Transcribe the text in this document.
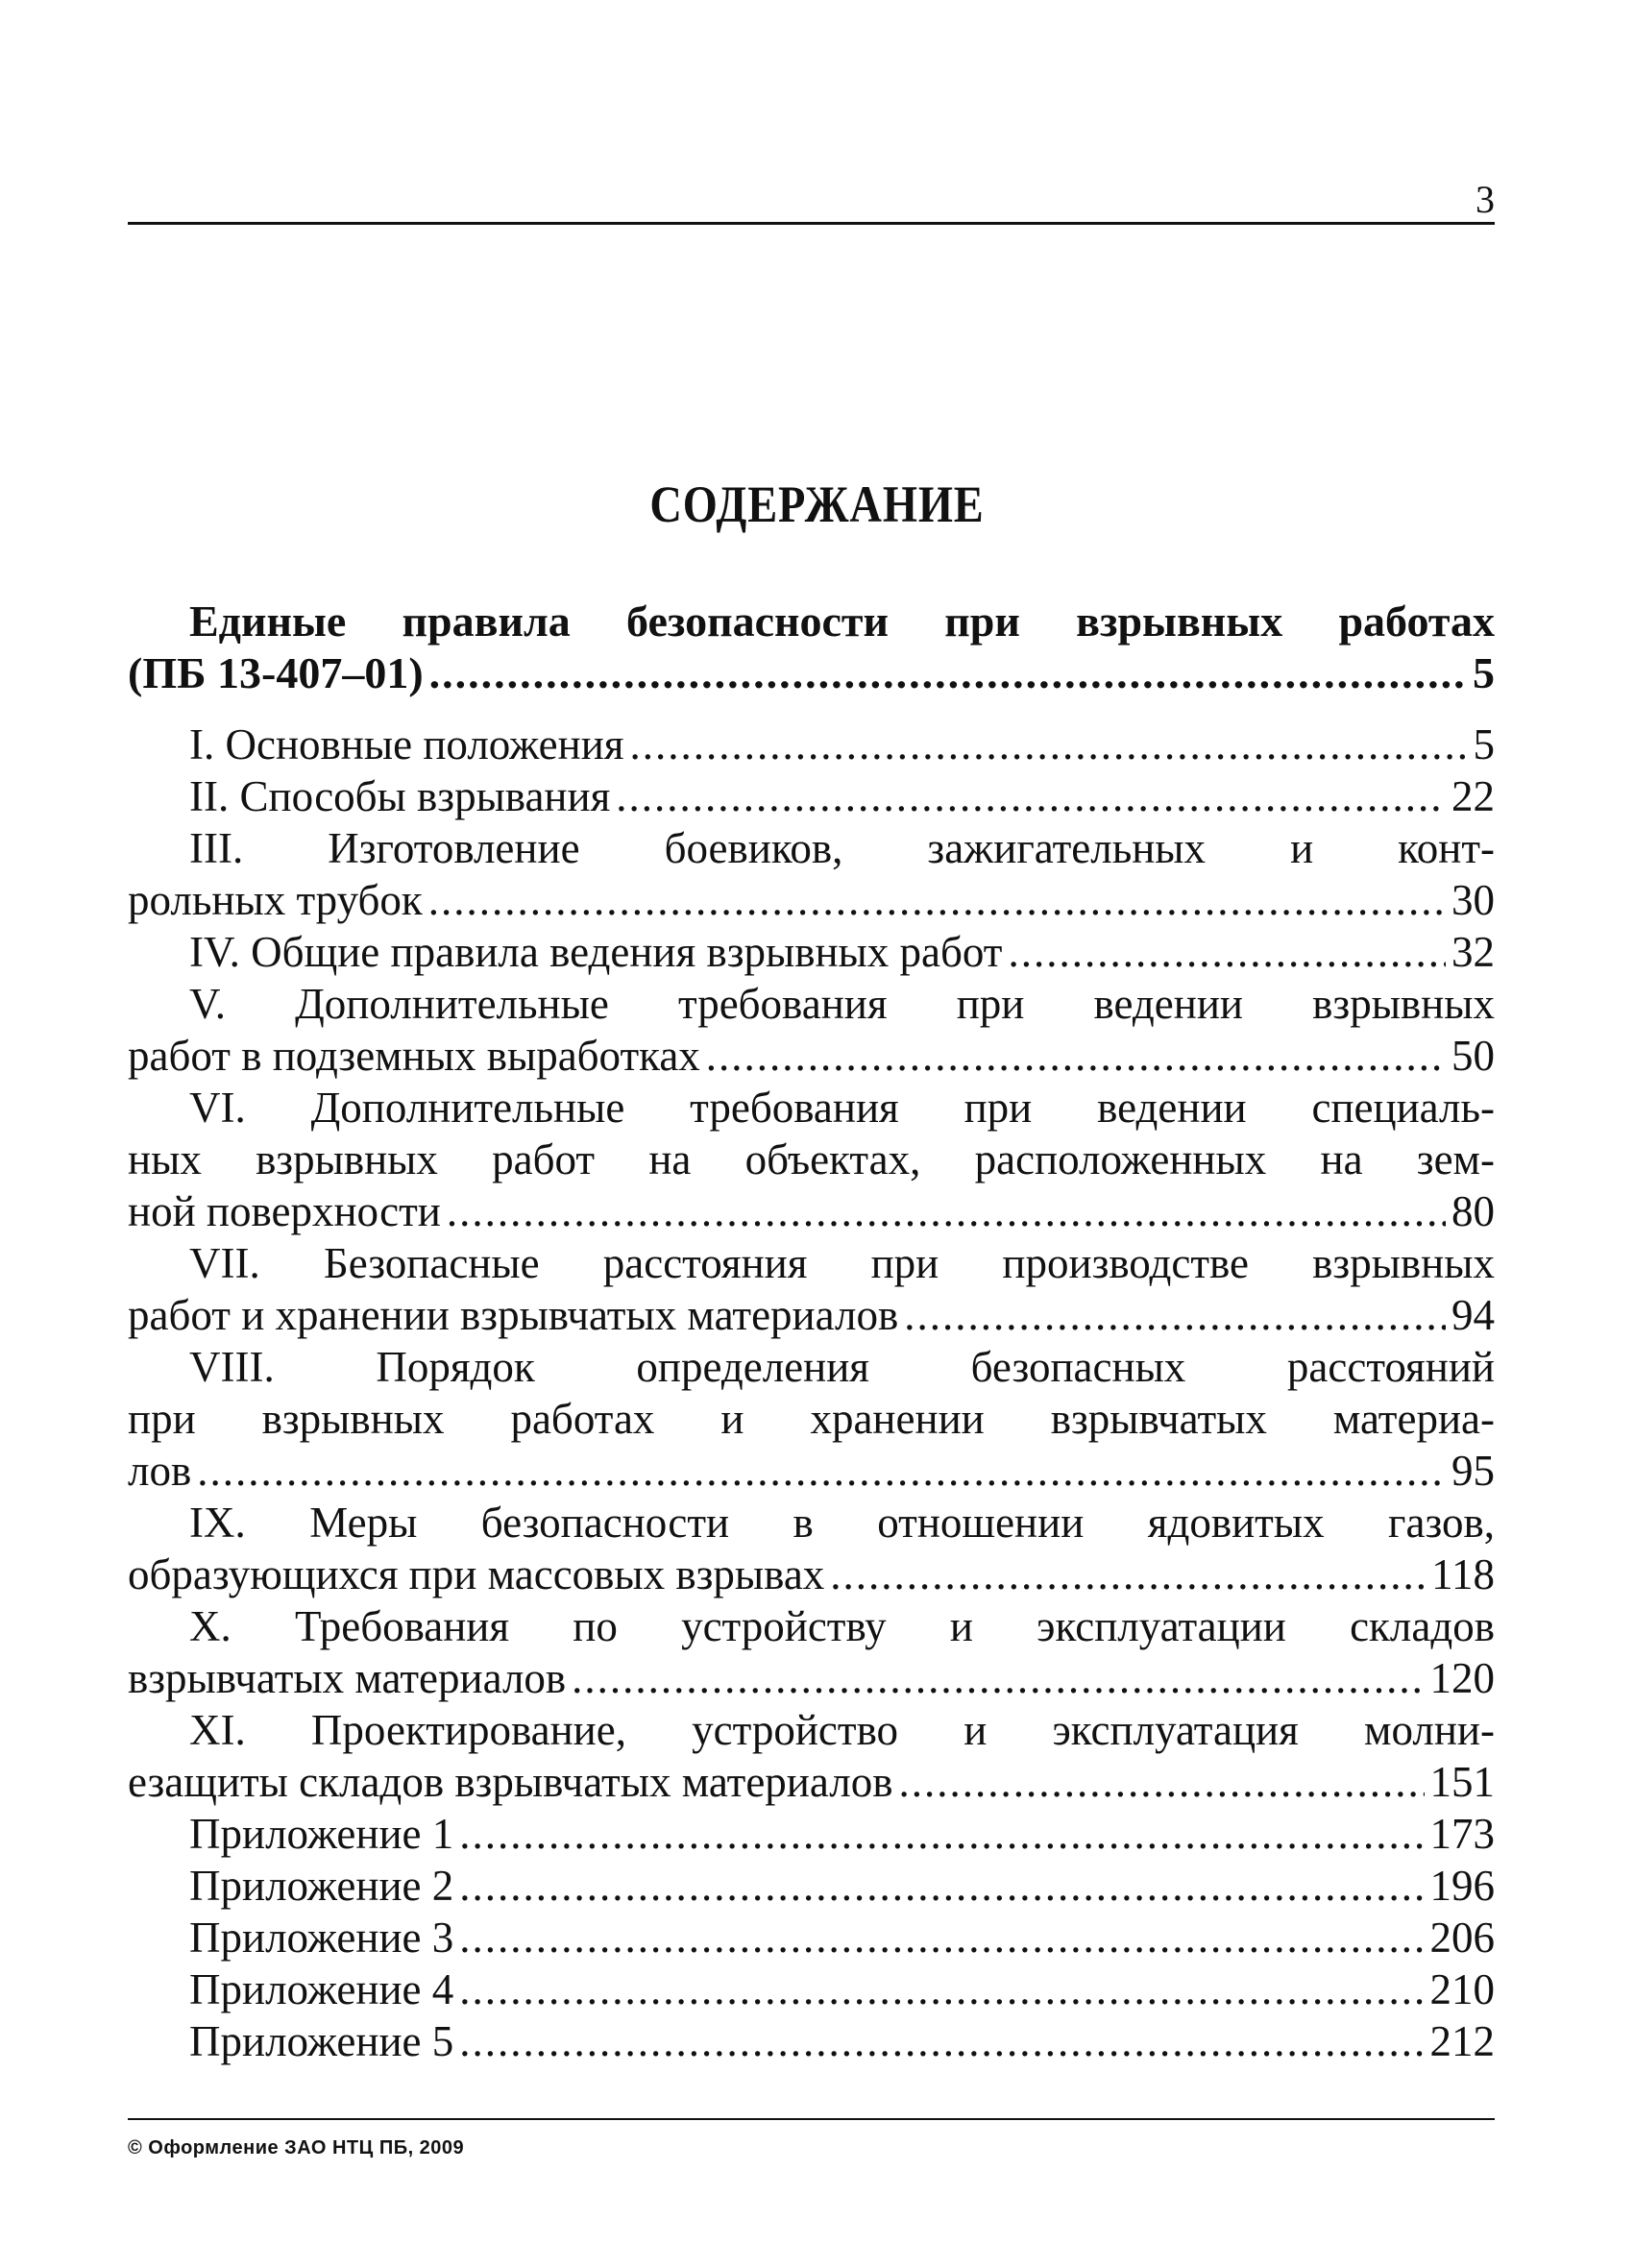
3
СОДЕРЖАНИЕ
Единые правила безопасности при взрывных работах
(ПБ 13-407–01) .....	5
I. Основные положения .....	5
II. Способы взрывания .....	22
III. Изготовление боевиков, зажигательных и конт-
рольных трубок .....	30
IV. Общие правила ведения взрывных работ .....	32
V. Дополнительные требования при ведении взрывных
работ в подземных выработках .....	50
VI. Дополнительные требования при ведении специаль-
ных взрывных работ на объектах, расположенных на зем-
ной поверхности .....	80
VII. Безопасные расстояния при производстве взрывных
работ и хранении взрывчатых материалов .....	94
VIII. Порядок определения безопасных расстояний
при взрывных работах и хранении взрывчатых материа-
лов .....	95
IX. Меры безопасности в отношении ядовитых газов,
образующихся при массовых взрывах .....	118
X. Требования по устройству и эксплуатации складов
взрывчатых материалов .....	120
XI. Проектирование, устройство и эксплуатация молни-
езащиты складов взрывчатых материалов .....	151
Приложение 1 .....	173
Приложение 2 .....	196
Приложение 3 .....	206
Приложение 4 .....	210
Приложение 5 .....	212
© Оформление ЗАО НТЦ ПБ, 2009
